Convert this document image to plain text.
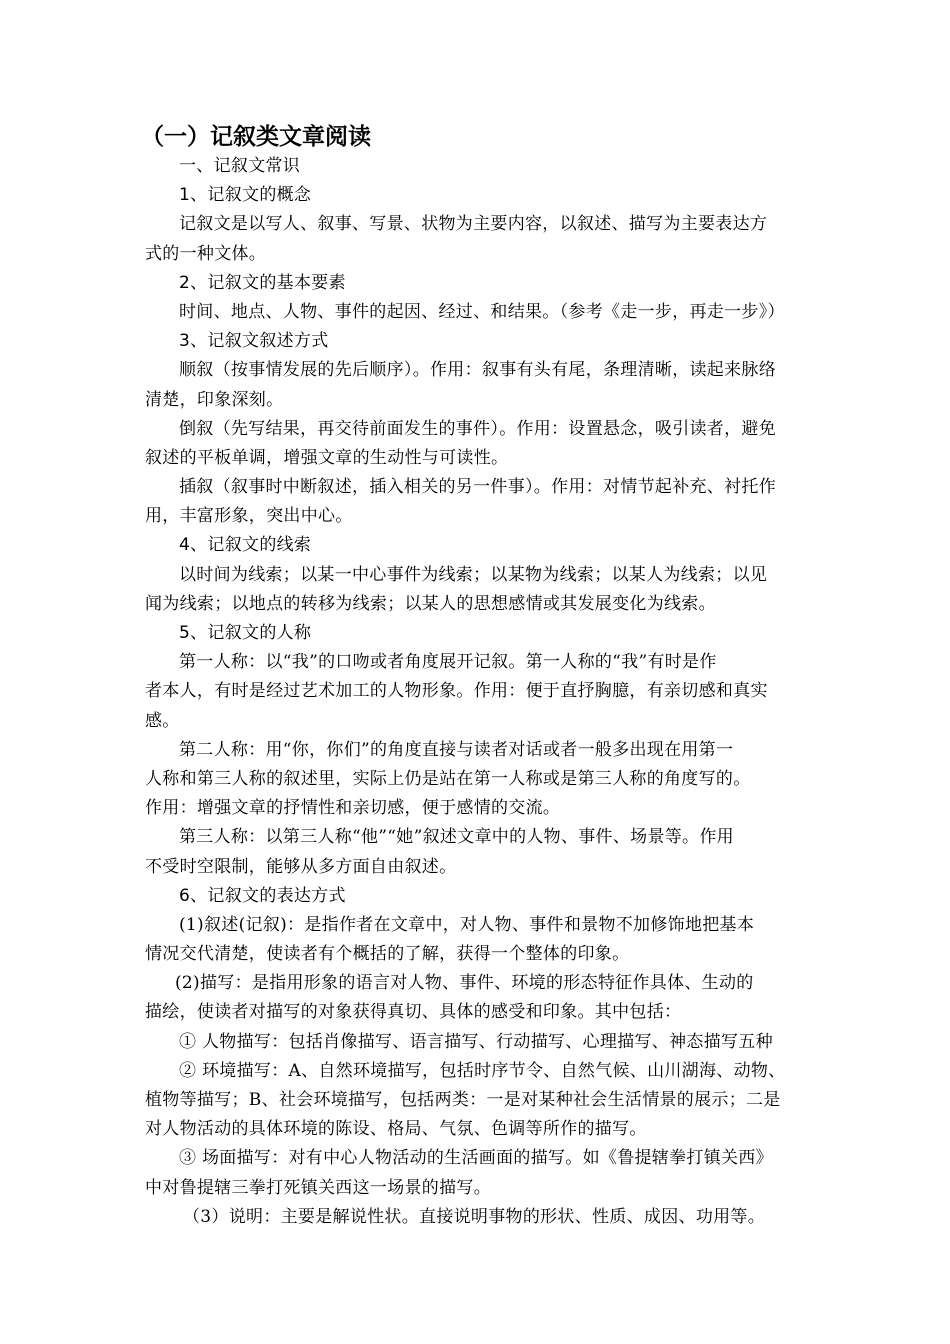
（一）记叙类文章阅读
一、记叙文常识
1、记叙文的概念
记叙文是以写人、叙事、写景、状物为主要内容，以叙述、描写为主要表达方
式的一种文体。
2、记叙文的基本要素
时间、地点、人物、事件的起因、经过、和结果。（参考《走一步，再走一步》）
3、记叙文叙述方式
顺叙（按事情发展的先后顺序）。作用：叙事有头有尾，条理清晰，读起来脉络
清楚，印象深刻。
倒叙（先写结果，再交待前面发生的事件）。作用：设置悬念，吸引读者，避免
叙述的平板单调，增强文章的生动性与可读性。
插叙（叙事时中断叙述，插入相关的另一件事）。作用：对情节起补充、衬托作
用，丰富形象，突出中心。
4、记叙文的线索
以时间为线索；以某一中心事件为线索；以某物为线索；以某人为线索；以见
闻为线索；以地点的转移为线索；以某人的思想感情或其发展变化为线索。
5、记叙文的人称
第一人称：以“我”的口吻或者角度展开记叙。第一人称的“我”有时是作
者本人，有时是经过艺术加工的人物形象。作用：便于直抒胸臆，有亲切感和真实
感。
第二人称：用“你，你们”的角度直接与读者对话或者一般多出现在用第一
人称和第三人称的叙述里，实际上仍是站在第一人称或是第三人称的角度写的。
作用：增强文章的抒情性和亲切感，便于感情的交流。
第三人称：以第三人称“他”“她”叙述文章中的人物、事件、场景等。作用
不受时空限制，能够从多方面自由叙述。
6、记叙文的表达方式
(1)叙述(记叙)：是指作者在文章中，对人物、事件和景物不加修饰地把基本
情况交代清楚，使读者有个概括的了解，获得一个整体的印象。
(2)描写：是指用形象的语言对人物、事件、环境的形态特征作具体、生动的
描绘，使读者对描写的对象获得真切、具体的感受和印象。其中包括：
① 人物描写：包括肖像描写、语言描写、行动描写、心理描写、神态描写五种
② 环境描写：A、自然环境描写，包括时序节令、自然气候、山川湖海、动物、
植物等描写；B、社会环境描写，包括两类：一是对某种社会生活情景的展示；二是
对人物活动的具体环境的陈设、格局、气氛、色调等所作的描写。
③ 场面描写：对有中心人物活动的生活画面的描写。如《鲁提辖拳打镇关西》
中对鲁提辖三拳打死镇关西这一场景的描写。
（3）说明：主要是解说性状。直接说明事物的形状、性质、成因、功用等。
